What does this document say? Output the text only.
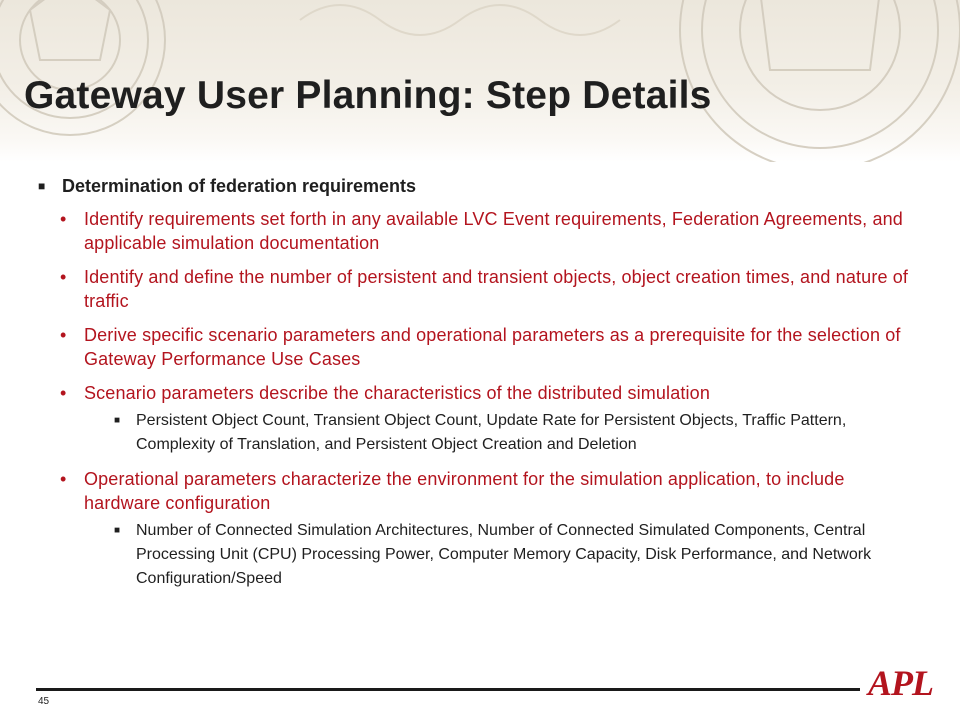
Gateway User Planning: Step Details
■ Determination of federation requirements
• Identify requirements set forth in any available LVC Event requirements, Federation Agreements, and applicable simulation documentation
• Identify and define the number of persistent and transient objects, object creation times, and nature of traffic
• Derive specific scenario parameters and operational parameters as a prerequisite for the selection of Gateway Performance Use Cases
• Scenario parameters describe the characteristics of the distributed simulation
■ Persistent Object Count, Transient Object Count, Update Rate for Persistent Objects, Traffic Pattern, Complexity of Translation, and Persistent Object Creation and Deletion
• Operational parameters characterize the environment for the simulation application, to include hardware configuration
■ Number of Connected Simulation Architectures, Number of Connected Simulated Components, Central Processing Unit (CPU) Processing Power, Computer Memory Capacity, Disk Performance, and Network Configuration/Speed
45	APL
